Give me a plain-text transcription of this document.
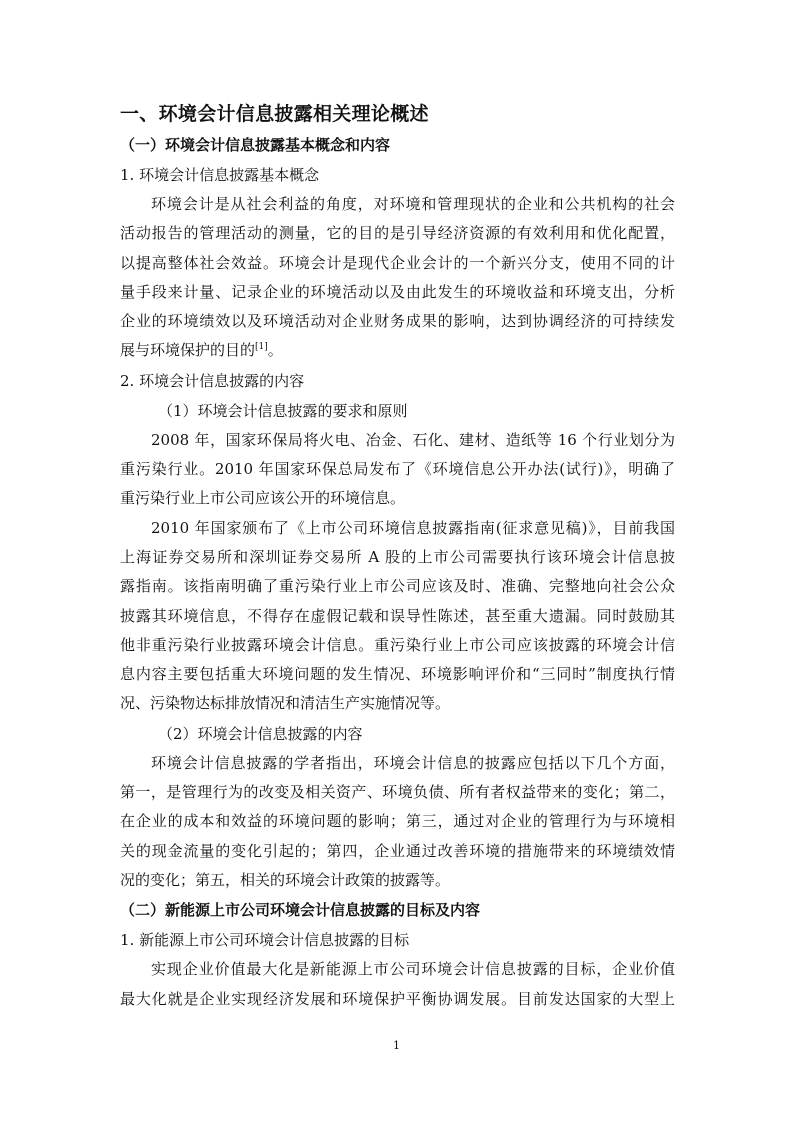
一、环境会计信息披露相关理论概述
（一）环境会计信息披露基本概念和内容
1. 环境会计信息披露基本概念
环境会计是从社会利益的角度，对环境和管理现状的企业和公共机构的社会
活动报告的管理活动的测量，它的目的是引导经济资源的有效利用和优化配置，
以提高整体社会效益。环境会计是现代企业会计的一个新兴分支，使用不同的计
量手段来计量、记录企业的环境活动以及由此发生的环境收益和环境支出，分析
企业的环境绩效以及环境活动对企业财务成果的影响，达到协调经济的可持续发
展与环境保护的目的[1]。
2. 环境会计信息披露的内容
（1）环境会计信息披露的要求和原则
2008 年，国家环保局将火电、冶金、石化、建材、造纸等 16 个行业划分为
重污染行业。2010 年国家环保总局发布了《环境信息公开办法(试行)》，明确了
重污染行业上市公司应该公开的环境信息。
2010 年国家颁布了《上市公司环境信息披露指南(征求意见稿)》，目前我国
上海证券交易所和深圳证券交易所 A 股的上市公司需要执行该环境会计信息披
露指南。该指南明确了重污染行业上市公司应该及时、准确、完整地向社会公众
披露其环境信息，不得存在虚假记载和误导性陈述，甚至重大遗漏。同时鼓励其
他非重污染行业披露环境会计信息。重污染行业上市公司应该披露的环境会计信
息内容主要包括重大环境问题的发生情况、环境影响评价和“三同时”制度执行情
况、污染物达标排放情况和清洁生产实施情况等。
（2）环境会计信息披露的内容
环境会计信息披露的学者指出，环境会计信息的披露应包括以下几个方面，
第一，是管理行为的改变及相关资产、环境负债、所有者权益带来的变化；第二，
在企业的成本和效益的环境问题的影响；第三，通过对企业的管理行为与环境相
关的现金流量的变化引起的；第四，企业通过改善环境的措施带来的环境绩效情
况的变化；第五，相关的环境会计政策的披露等。
（二）新能源上市公司环境会计信息披露的目标及内容
1. 新能源上市公司环境会计信息披露的目标
实现企业价值最大化是新能源上市公司环境会计信息披露的目标，企业价值
最大化就是企业实现经济发展和环境保护平衡协调发展。目前发达国家的大型上
1
